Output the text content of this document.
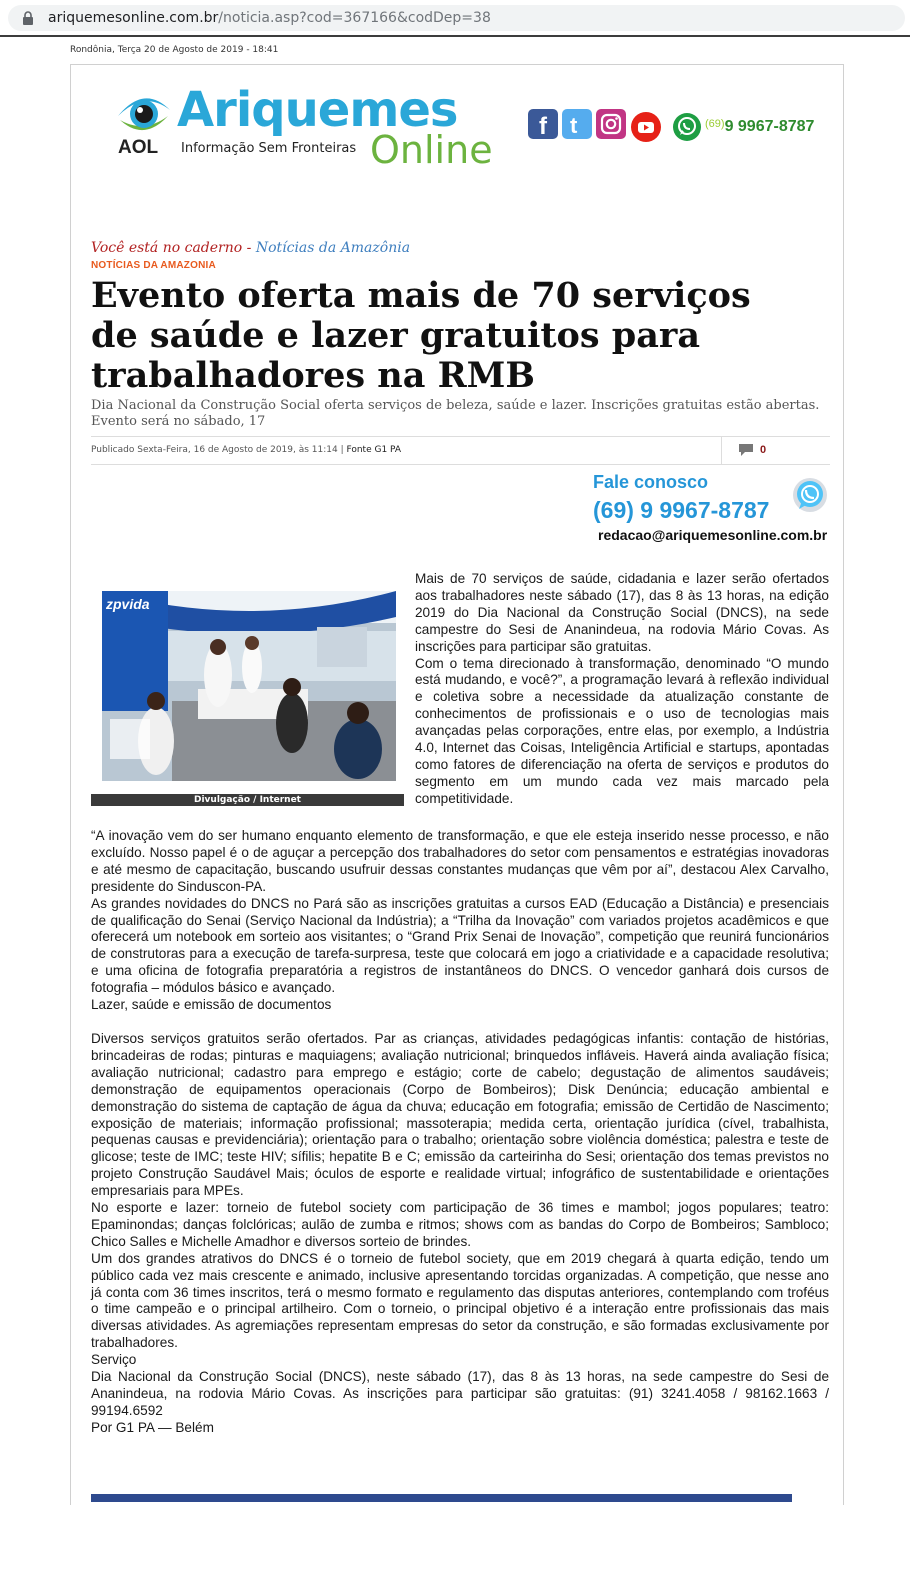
ariquemesonline.com.br/noticia.asp?cod=367166&codDep=38
Rondônia, Terça 20 de Agosto de 2019 - 18:41
AOL
Ariquemes
Informação Sem Fronteiras Online
f t	$^{(69)}$9 9967-8787
Você está no caderno - Notícias da Amazônia
NOTÍCIAS DA AMAZONIA
Evento oferta mais de 70 serviços de saúde e lazer gratuitos para trabalhadores na RMB
Dia Nacional da Construção Social oferta serviços de beleza, saúde e lazer. Inscrições gratuitas estão abertas. Evento será no sábado, 17
Publicado Sexta-Feira, 16 de Agosto de 2019, às 11:14 | Fonte G1 PA	0
Fale conosco
(69) 9 9967-8787
redacao@ariquemesonline.com.br
zpvida
Divulgação / Internet

Mais de 70 serviços de saúde, cidadania e lazer serão ofertados aos trabalhadores neste sábado (17), das 8 às 13 horas, na edição 2019 do Dia Nacional da Construção Social (DNCS), na sede campestre do Sesi de Ananindeua, na rodovia Mário Covas. As inscrições para participar são gratuitas.

Com o tema direcionado à transformação, denominado “O mundo está mudando, e você?”, a programação levará à reflexão individual e coletiva sobre a necessidade da atualização constante de conhecimentos de profissionais e o uso de tecnologias mais avançadas pelas corporações, entre elas, por exemplo, a Indústria 4.0, Internet das Coisas, Inteligência Artificial e startups, apontadas como fatores de diferenciação na oferta de serviços e produtos do segmento em um mundo cada vez mais marcado pela competitividade.

“A inovação vem do ser humano enquanto elemento de transformação, e que ele esteja inserido nesse processo, e não excluído. Nosso papel é o de aguçar a percepção dos trabalhadores do setor com pensamentos e estratégias inovadoras e até mesmo de capacitação, buscando usufruir dessas constantes mudanças que vêm por aí”, destacou Alex Carvalho, presidente do Sinduscon-PA.

As grandes novidades do DNCS no Pará são as inscrições gratuitas a cursos EAD (Educação a Distância) e presenciais de qualificação do Senai (Serviço Nacional da Indústria); a “Trilha da Inovação” com variados projetos acadêmicos e que oferecerá um notebook em sorteio aos visitantes; o “Grand Prix Senai de Inovação”, competição que reunirá funcionários de construtoras para a execução de tarefa-surpresa, teste que colocará em jogo a criatividade e a capacidade resolutiva; e uma oficina de fotografia preparatória a registros de instantâneos do DNCS. O vencedor ganhará dois cursos de fotografia – módulos básico e avançado.

Lazer, saúde e emissão de documentos

Diversos serviços gratuitos serão ofertados. Par as crianças, atividades pedagógicas infantis: contação de histórias, brincadeiras de rodas; pinturas e maquiagens; avaliação nutricional; brinquedos infláveis. Haverá ainda avaliação física; avaliação nutricional; cadastro para emprego e estágio; corte de cabelo; degustação de alimentos saudáveis; demonstração de equipamentos operacionais (Corpo de Bombeiros); Disk Denúncia; educação ambiental e demonstração do sistema de captação de água da chuva; educação em fotografia; emissão de Certidão de Nascimento; exposição de materiais; informação profissional; massoterapia; medida certa, orientação jurídica (cível, trabalhista, pequenas causas e previdenciária); orientação para o trabalho; orientação sobre violência doméstica; palestra e teste de glicose; teste de IMC; teste HIV; sífilis; hepatite B e C; emissão da carteirinha do Sesi; orientação dos temas previstos no projeto Construção Saudável Mais; óculos de esporte e realidade virtual; infográfico de sustentabilidade e orientações empresariais para MPEs.

No esporte e lazer: torneio de futebol society com participação de 36 times e mambol; jogos populares; teatro: Epaminondas; danças folclóricas; aulão de zumba e ritmos; shows com as bandas do Corpo de Bombeiros; Sambloco; Chico Salles e Michelle Amadhor e diversos sorteio de brindes.

Um dos grandes atrativos do DNCS é o torneio de futebol society, que em 2019 chegará à quarta edição, tendo um público cada vez mais crescente e animado, inclusive apresentando torcidas organizadas. A competição, que nesse ano já conta com 36 times inscritos, terá o mesmo formato e regulamento das disputas anteriores, contemplando com troféus o time campeão e o principal artilheiro. Com o torneio, o principal objetivo é a interação entre profissionais das mais diversas atividades. As agremiações representam empresas do setor da construção, e são formadas exclusivamente por trabalhadores.

Serviço

Dia Nacional da Construção Social (DNCS), neste sábado (17), das 8 às 13 horas, na sede campestre do Sesi de Ananindeua, na rodovia Mário Covas. As inscrições para participar são gratuitas: (91) 3241.4058 / 98162.1663 / 99194.6592

Por G1 PA — Belém
